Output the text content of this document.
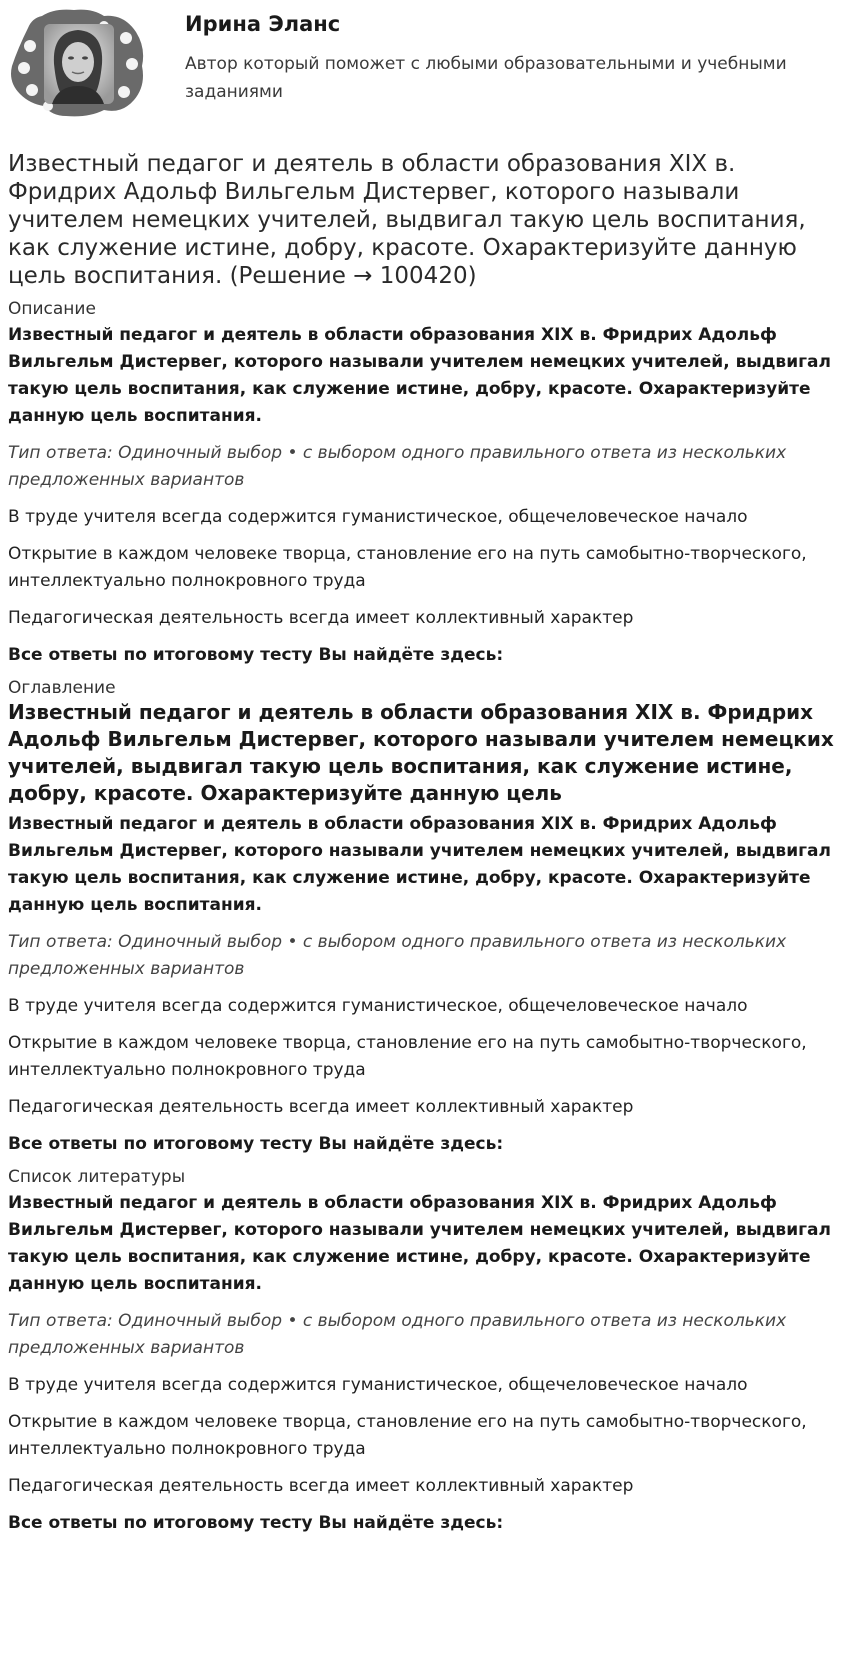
Ирина Эланс
Автор который поможет с любыми образовательными и учебными заданиями
Известный педагог и деятель в области образования XIX в. Фридрих Адольф Вильгельм Дистервег, которого называли учителем немецких учителей, выдвигал такую цель воспитания, как служение истине, добру, красоте. Охарактеризуйте данную цель воспитания. (Решение → 100420)
Описание
Известный педагог и деятель в области образования XIX в. Фридрих Адольф Вильгельм Дистервег, которого называли учителем немецких учителей, выдвигал такую цель воспитания, как служение истине, добру, красоте. Охарактеризуйте данную цель воспитания.
Тип ответа: Одиночный выбор • с выбором одного правильного ответа из нескольких предложенных вариантов
В труде учителя всегда содержится гуманистическое, общечеловеческое начало
Открытие в каждом человеке творца, становление его на путь самобытно-творческого, интеллектуально полнокровного труда
Педагогическая деятельность всегда имеет коллективный характер
Все ответы по итоговому тесту Вы найдёте здесь:
Оглавление
Известный педагог и деятель в области образования XIX в. Фридрих Адольф Вильгельм Дистервег, которого называли учителем немецких учителей, выдвигал такую цель воспитания, как служение истине, добру, красоте. Охарактеризуйте данную цель
Известный педагог и деятель в области образования XIX в. Фридрих Адольф Вильгельм Дистервег, которого называли учителем немецких учителей, выдвигал такую цель воспитания, как служение истине, добру, красоте. Охарактеризуйте данную цель воспитания.
Тип ответа: Одиночный выбор • с выбором одного правильного ответа из нескольких предложенных вариантов
В труде учителя всегда содержится гуманистическое, общечеловеческое начало
Открытие в каждом человеке творца, становление его на путь самобытно-творческого, интеллектуально полнокровного труда
Педагогическая деятельность всегда имеет коллективный характер
Все ответы по итоговому тесту Вы найдёте здесь:
Список литературы
Известный педагог и деятель в области образования XIX в. Фридрих Адольф Вильгельм Дистервег, которого называли учителем немецких учителей, выдвигал такую цель воспитания, как служение истине, добру, красоте. Охарактеризуйте данную цель воспитания.
Тип ответа: Одиночный выбор • с выбором одного правильного ответа из нескольких предложенных вариантов
В труде учителя всегда содержится гуманистическое, общечеловеческое начало
Открытие в каждом человеке творца, становление его на путь самобытно-творческого, интеллектуально полнокровного труда
Педагогическая деятельность всегда имеет коллективный характер
Все ответы по итоговому тесту Вы найдёте здесь:
